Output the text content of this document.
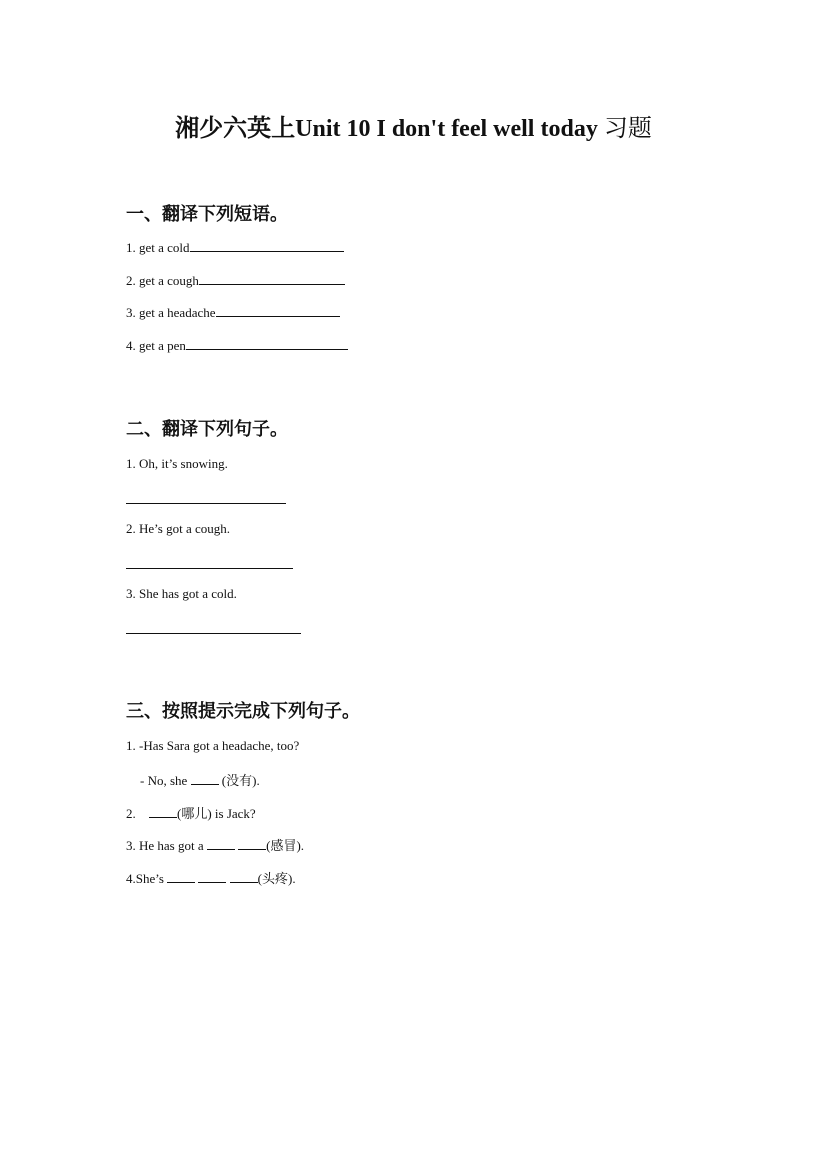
湘少六英上Unit 10 I don't feel well today 习题
一、翻译下列短语。
1. get a cold
2. get a cough
3. get a headache
4. get a pen
二、翻译下列句子。
1. Oh, it’s snowing.
2. He’s got a cough.
3. She has got a cold.
三、按照提示完成下列句子。
1. -Has Sara got a headache, too?
- No, she	(没有).
2.	(哪儿) is Jack?
3. He has got a	(感冒).
4.She’s	(头疼).
